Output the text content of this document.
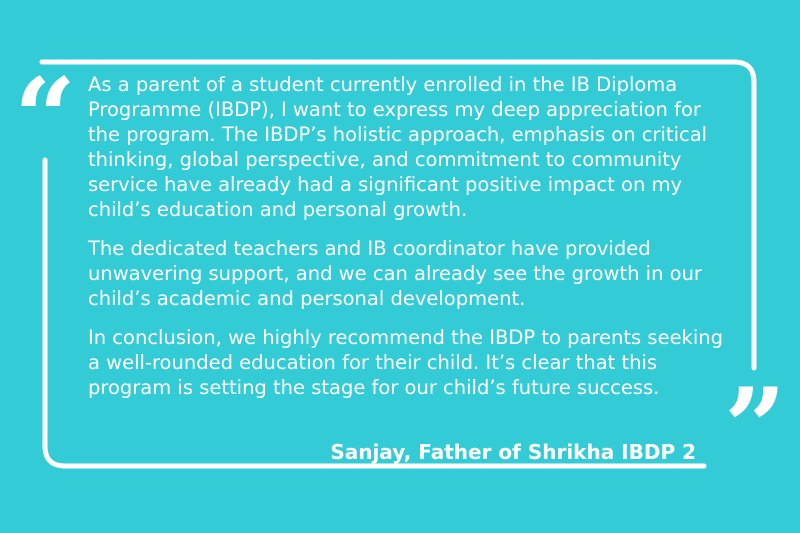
“
”

As a parent of a student currently enrolled in the IB Diploma Programme (IBDP), I want to express my deep appreciation for the program. The IBDP’s holistic approach, emphasis on critical thinking, global perspective, and commitment to community service have already had a significant positive impact on my child’s education and personal growth.

The dedicated teachers and IB coordinator have provided unwavering support, and we can already see the growth in our child’s academic and personal development.

In conclusion, we highly recommend the IBDP to parents seeking a well-rounded education for their child. It’s clear that this program is setting the stage for our child’s future success.

Sanjay, Father of Shrikha IBDP 2
